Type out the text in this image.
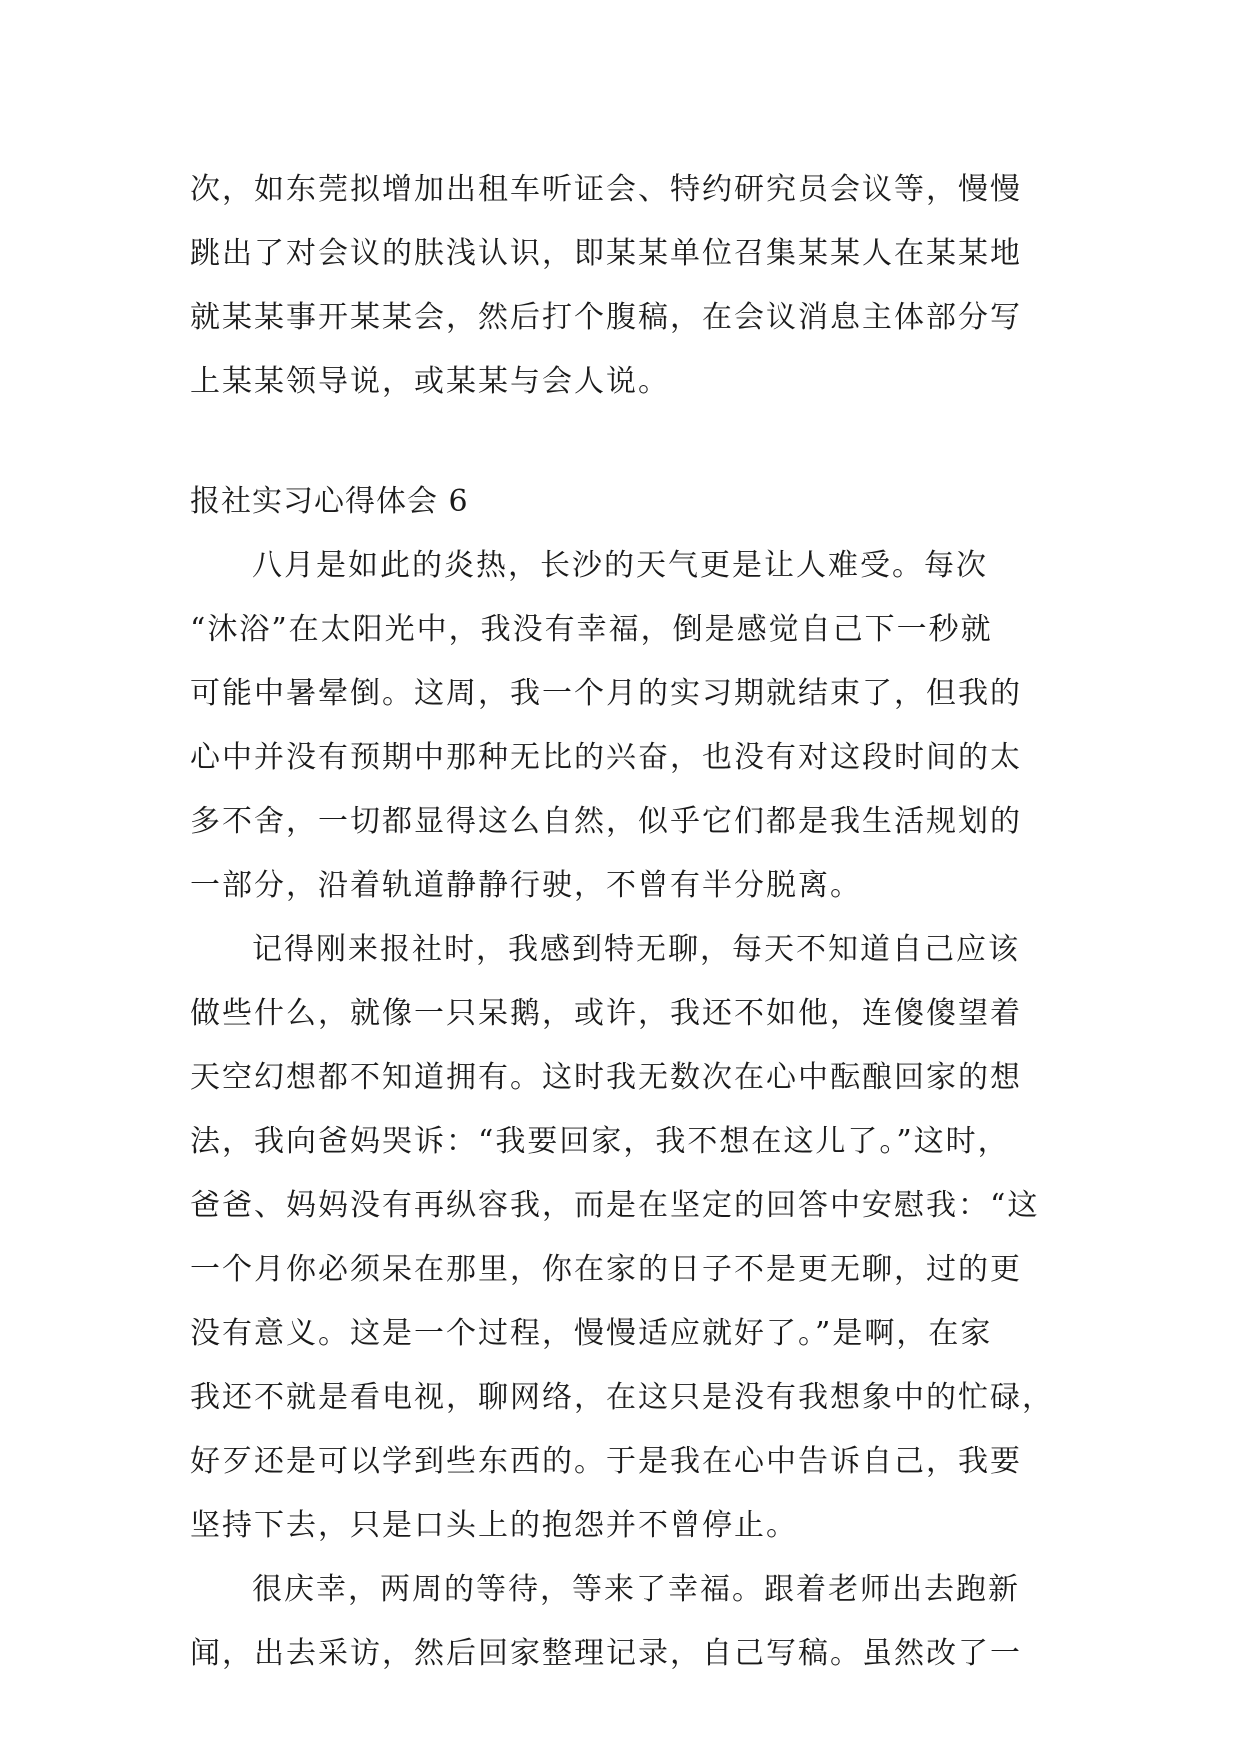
次，如东莞拟增加出租车听证会、特约研究员会议等，慢慢
跳出了对会议的肤浅认识，即某某单位召集某某人在某某地
就某某事开某某会，然后打个腹稿，在会议消息主体部分写
上某某领导说，或某某与会人说。
报社实习心得体会 6
八月是如此的炎热，长沙的天气更是让人难受。每次
“沐浴”在太阳光中，我没有幸福，倒是感觉自己下一秒就
可能中暑晕倒。这周，我一个月的实习期就结束了，但我的
心中并没有预期中那种无比的兴奋，也没有对这段时间的太
多不舍，一切都显得这么自然，似乎它们都是我生活规划的
一部分，沿着轨道静静行驶，不曾有半分脱离。
记得刚来报社时，我感到特无聊，每天不知道自己应该
做些什么，就像一只呆鹅，或许，我还不如他，连傻傻望着
天空幻想都不知道拥有。这时我无数次在心中酝酿回家的想
法，我向爸妈哭诉：“我要回家，我不想在这儿了。”这时，
爸爸、妈妈没有再纵容我，而是在坚定的回答中安慰我：“这
一个月你必须呆在那里，你在家的日子不是更无聊，过的更
没有意义。这是一个过程，慢慢适应就好了。”是啊，在家
我还不就是看电视，聊网络，在这只是没有我想象中的忙碌，
好歹还是可以学到些东西的。于是我在心中告诉自己，我要
坚持下去，只是口头上的抱怨并不曾停止。
很庆幸，两周的等待，等来了幸福。跟着老师出去跑新
闻，出去采访，然后回家整理记录，自己写稿。虽然改了一
